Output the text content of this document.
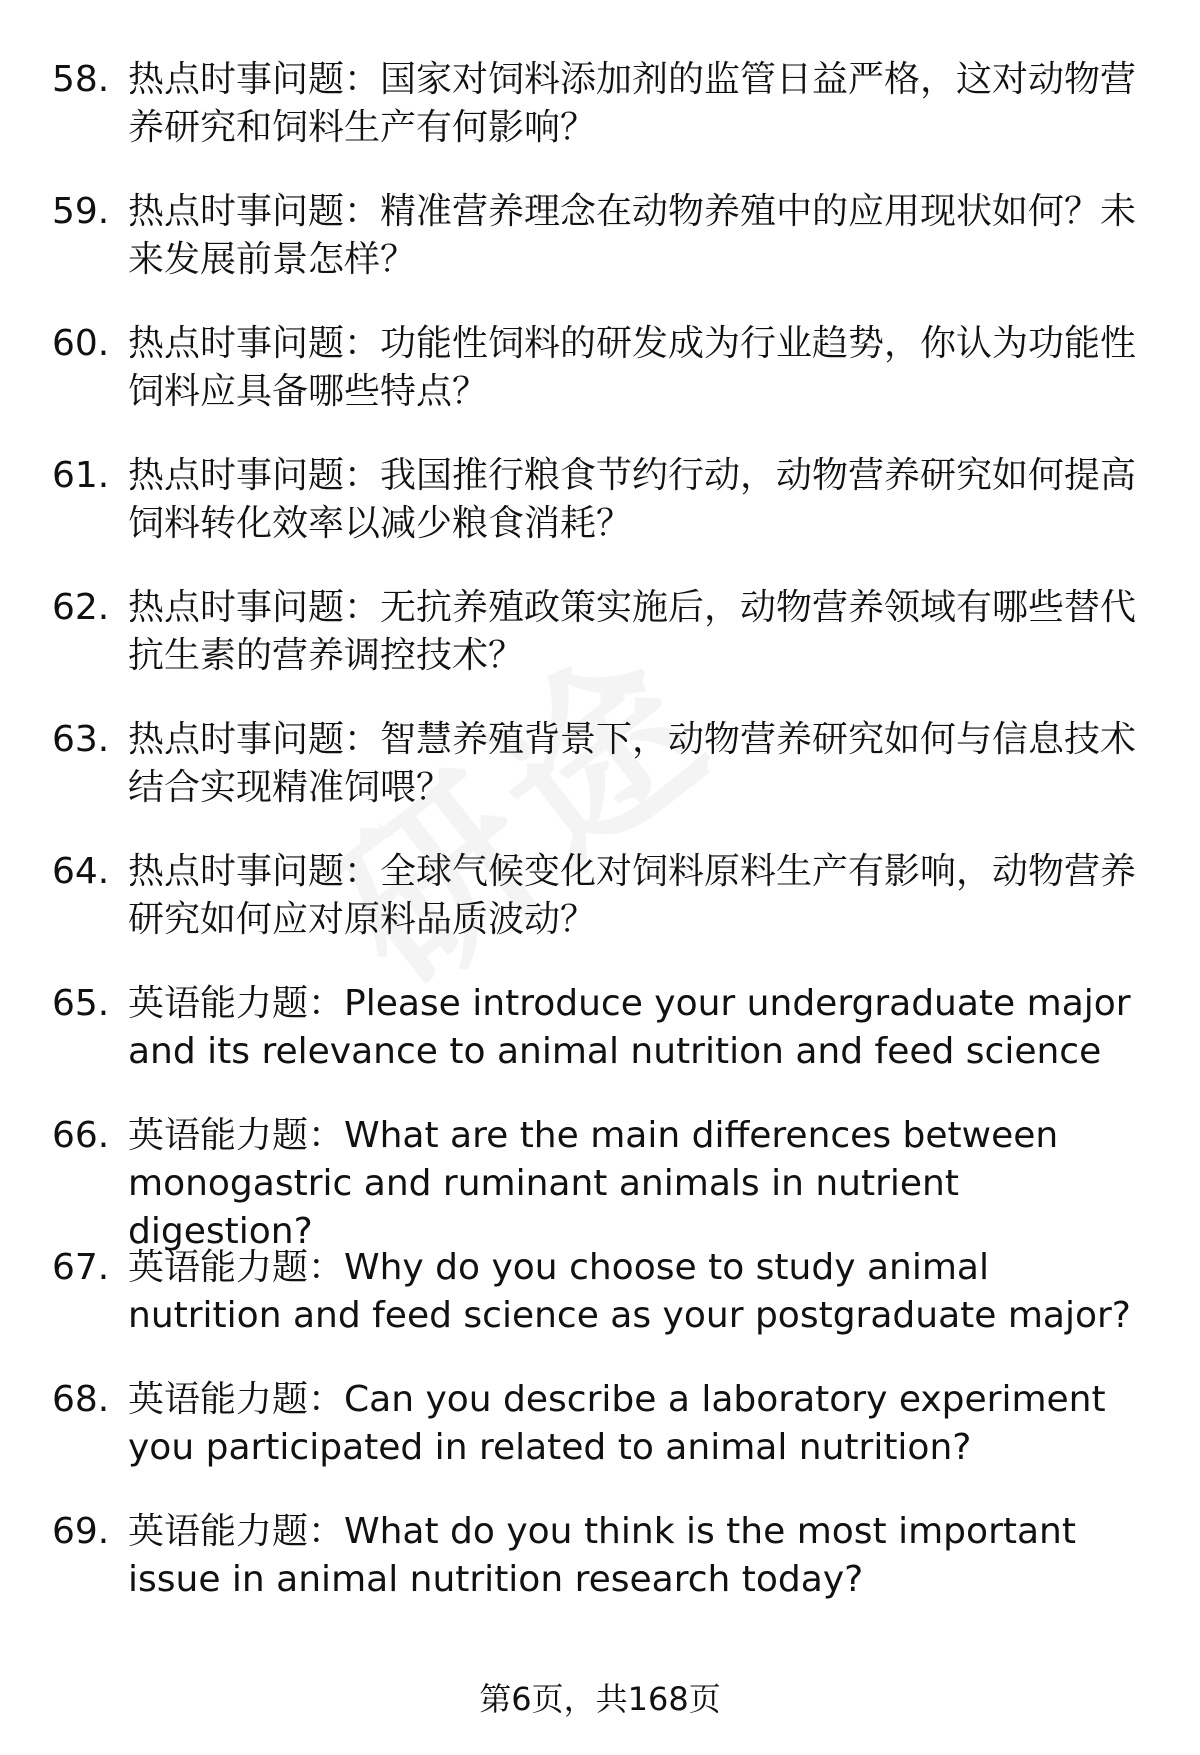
58. 热点时事问题：国家对饲料添加剂的监管日益严格，这对动物营养研究和饲料生产有何影响？
59. 热点时事问题：精准营养理念在动物养殖中的应用现状如何？未来发展前景怎样？
60. 热点时事问题：功能性饲料的研发成为行业趋势，你认为功能性饲料应具备哪些特点？
61. 热点时事问题：我国推行粮食节约行动，动物营养研究如何提高饲料转化效率以减少粮食消耗？
62. 热点时事问题：无抗养殖政策实施后，动物营养领域有哪些替代抗生素的营养调控技术？
63. 热点时事问题：智慧养殖背景下，动物营养研究如何与信息技术结合实现精准饲喂？
64. 热点时事问题：全球气候变化对饲料原料生产有影响，动物营养研究如何应对原料品质波动？
65. 英语能力题：Please introduce your undergraduate major and its relevance to animal nutrition and feed science
66. 英语能力题：What are the main differences between monogastric and ruminant animals in nutrient digestion?
67. 英语能力题：Why do you choose to study animal nutrition and feed science as your postgraduate major?
68. 英语能力题：Can you describe a laboratory experiment you participated in related to animal nutrition?
69. 英语能力题：What do you think is the most important issue in animal nutrition research today?
第6页，共168页
